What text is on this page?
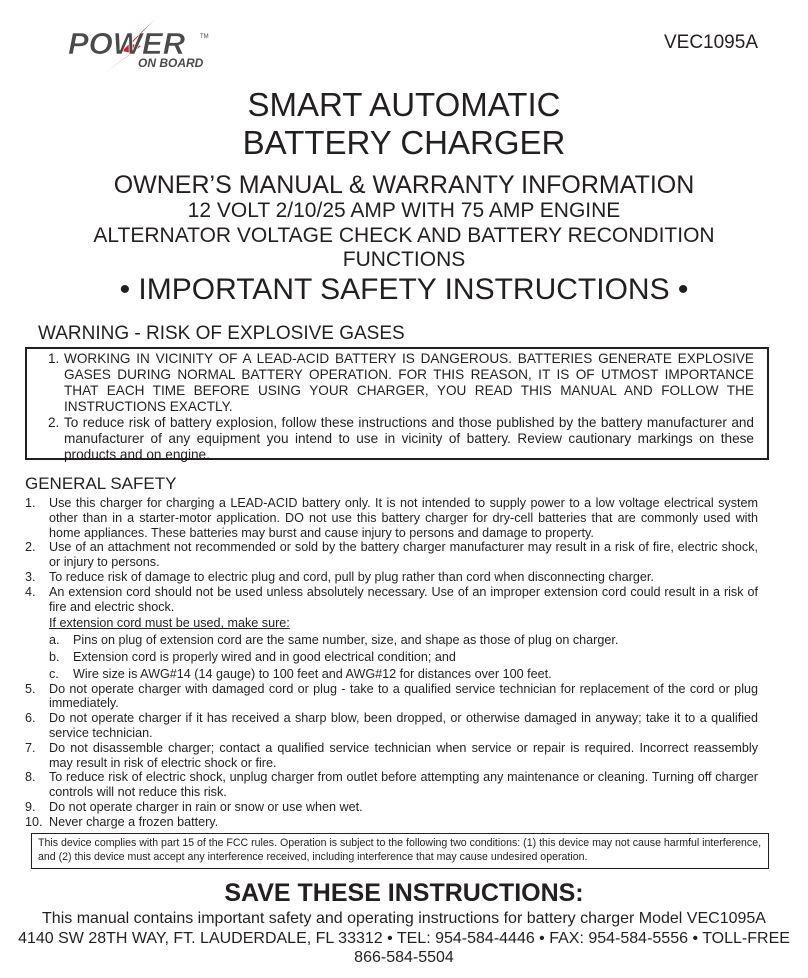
POWER TM
ON BOARD
VEC1095A
SMART AUTOMATIC
BATTERY CHARGER
OWNER’S MANUAL & WARRANTY INFORMATION
12 VOLT 2/10/25 AMP WITH 75 AMP ENGINE
ALTERNATOR VOLTAGE CHECK AND BATTERY RECONDITION
FUNCTIONS
• IMPORTANT SAFETY INSTRUCTIONS •
WARNING - RISK OF EXPLOSIVE GASES
1. WORKING IN VICINITY OF A LEAD-ACID BATTERY IS DANGEROUS. BATTERIES GENERATE EXPLOSIVE GASES DURING NORMAL BATTERY OPERATION. FOR THIS REASON, IT IS OF UTMOST IMPORTANCE THAT EACH TIME BEFORE USING YOUR CHARGER, YOU READ THIS MANUAL AND FOLLOW THE INSTRUCTIONS EXACTLY.
2. To reduce risk of battery explosion, follow these instructions and those published by the battery manufacturer and manufacturer of any equipment you intend to use in vicinity of battery. Review cautionary markings on these products and on engine.
GENERAL SAFETY
1.	Use this charger for charging a LEAD-ACID battery only. It is not intended to supply power to a low voltage electrical system other than in a starter-motor application. DO not use this battery charger for dry-cell batteries that are commonly used with home appliances. These batteries may burst and cause injury to persons and damage to property.
2.	Use of an attachment not recommended or sold by the battery charger manufacturer may result in a risk of fire, electric shock, or injury to persons.
3.	To reduce risk of damage to electric plug and cord, pull by plug rather than cord when disconnecting charger.
4.	An extension cord should not be used unless absolutely necessary. Use of an improper extension cord could result in a risk of fire and electric shock.
If extension cord must be used, make sure:
a.	Pins on plug of extension cord are the same number, size, and shape as those of plug on charger.
b.	Extension cord is properly wired and in good electrical condition; and
c.	Wire size is AWG#14 (14 gauge) to 100 feet and AWG#12 for distances over 100 feet.
5.	Do not operate charger with damaged cord or plug - take to a qualified service technician for replacement of the cord or plug immediately.
6.	Do not operate charger if it has received a sharp blow, been dropped, or otherwise damaged in anyway; take it to a qualified service technician.
7.	Do not disassemble charger; contact a qualified service technician when service or repair is required. Incorrect reassembly may result in risk of electric shock or fire.
8.	To reduce risk of electric shock, unplug charger from outlet before attempting any maintenance or cleaning. Turning off charger controls will not reduce this risk.
9.	Do not operate charger in rain or snow or use when wet.
10. Never charge a frozen battery.
This device complies with part 15 of the FCC rules. Operation is subject to the following two conditions: (1) this device may not cause harmful interference, and (2) this device must accept any interference received, including interference that may cause undesired operation.
SAVE THESE INSTRUCTIONS:
This manual contains important safety and operating instructions for battery charger Model VEC1095A
4140 SW 28TH WAY, FT. LAUDERDALE, FL 33312 • TEL: 954-584-4446 • FAX: 954-584-5556 • TOLL-FREE 866-584-5504
